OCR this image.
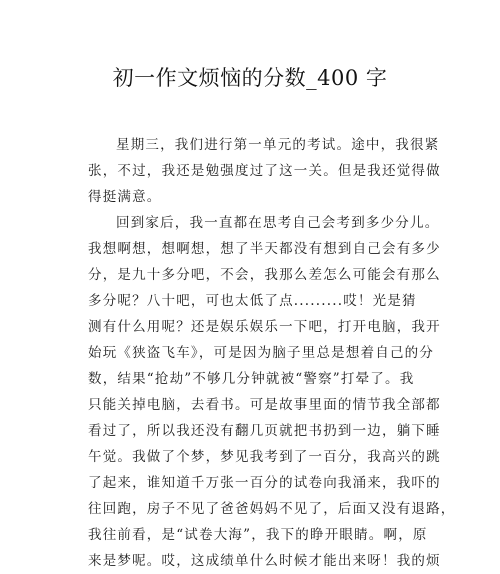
初一作文烦恼的分数_400 字
星期三，我们进行第一单元的考试。途中，我很紧
张，不过，我还是勉强度过了这一关。但是我还觉得做
得挺满意。
回到家后，我一直都在思考自己会考到多少分儿。
我想啊想，想啊想，想了半天都没有想到自己会有多少
分，是九十多分吧，不会，我那么差怎么可能会有那么
多分呢？八十吧，可也太低了点.........哎！光是猜
测有什么用呢？还是娱乐娱乐一下吧，打开电脑，我开
始玩《狭盗飞车》，可是因为脑子里总是想着自己的分
数，结果“抢劫”不够几分钟就被“警察”打晕了。我
只能关掉电脑，去看书。可是故事里面的情节我全部都
看过了，所以我还没有翻几页就把书扔到一边，躺下睡
午觉。我做了个梦，梦见我考到了一百分，我高兴的跳
了起来，谁知道千万张一百分的试卷向我涌来，我吓的
往回跑，房子不见了爸爸妈妈不见了，后面又没有退路，
我往前看，是“试卷大海”，我下的睁开眼睛。啊，原
来是梦呢。哎，这成绩单什么时候才能出来呀！我的烦
